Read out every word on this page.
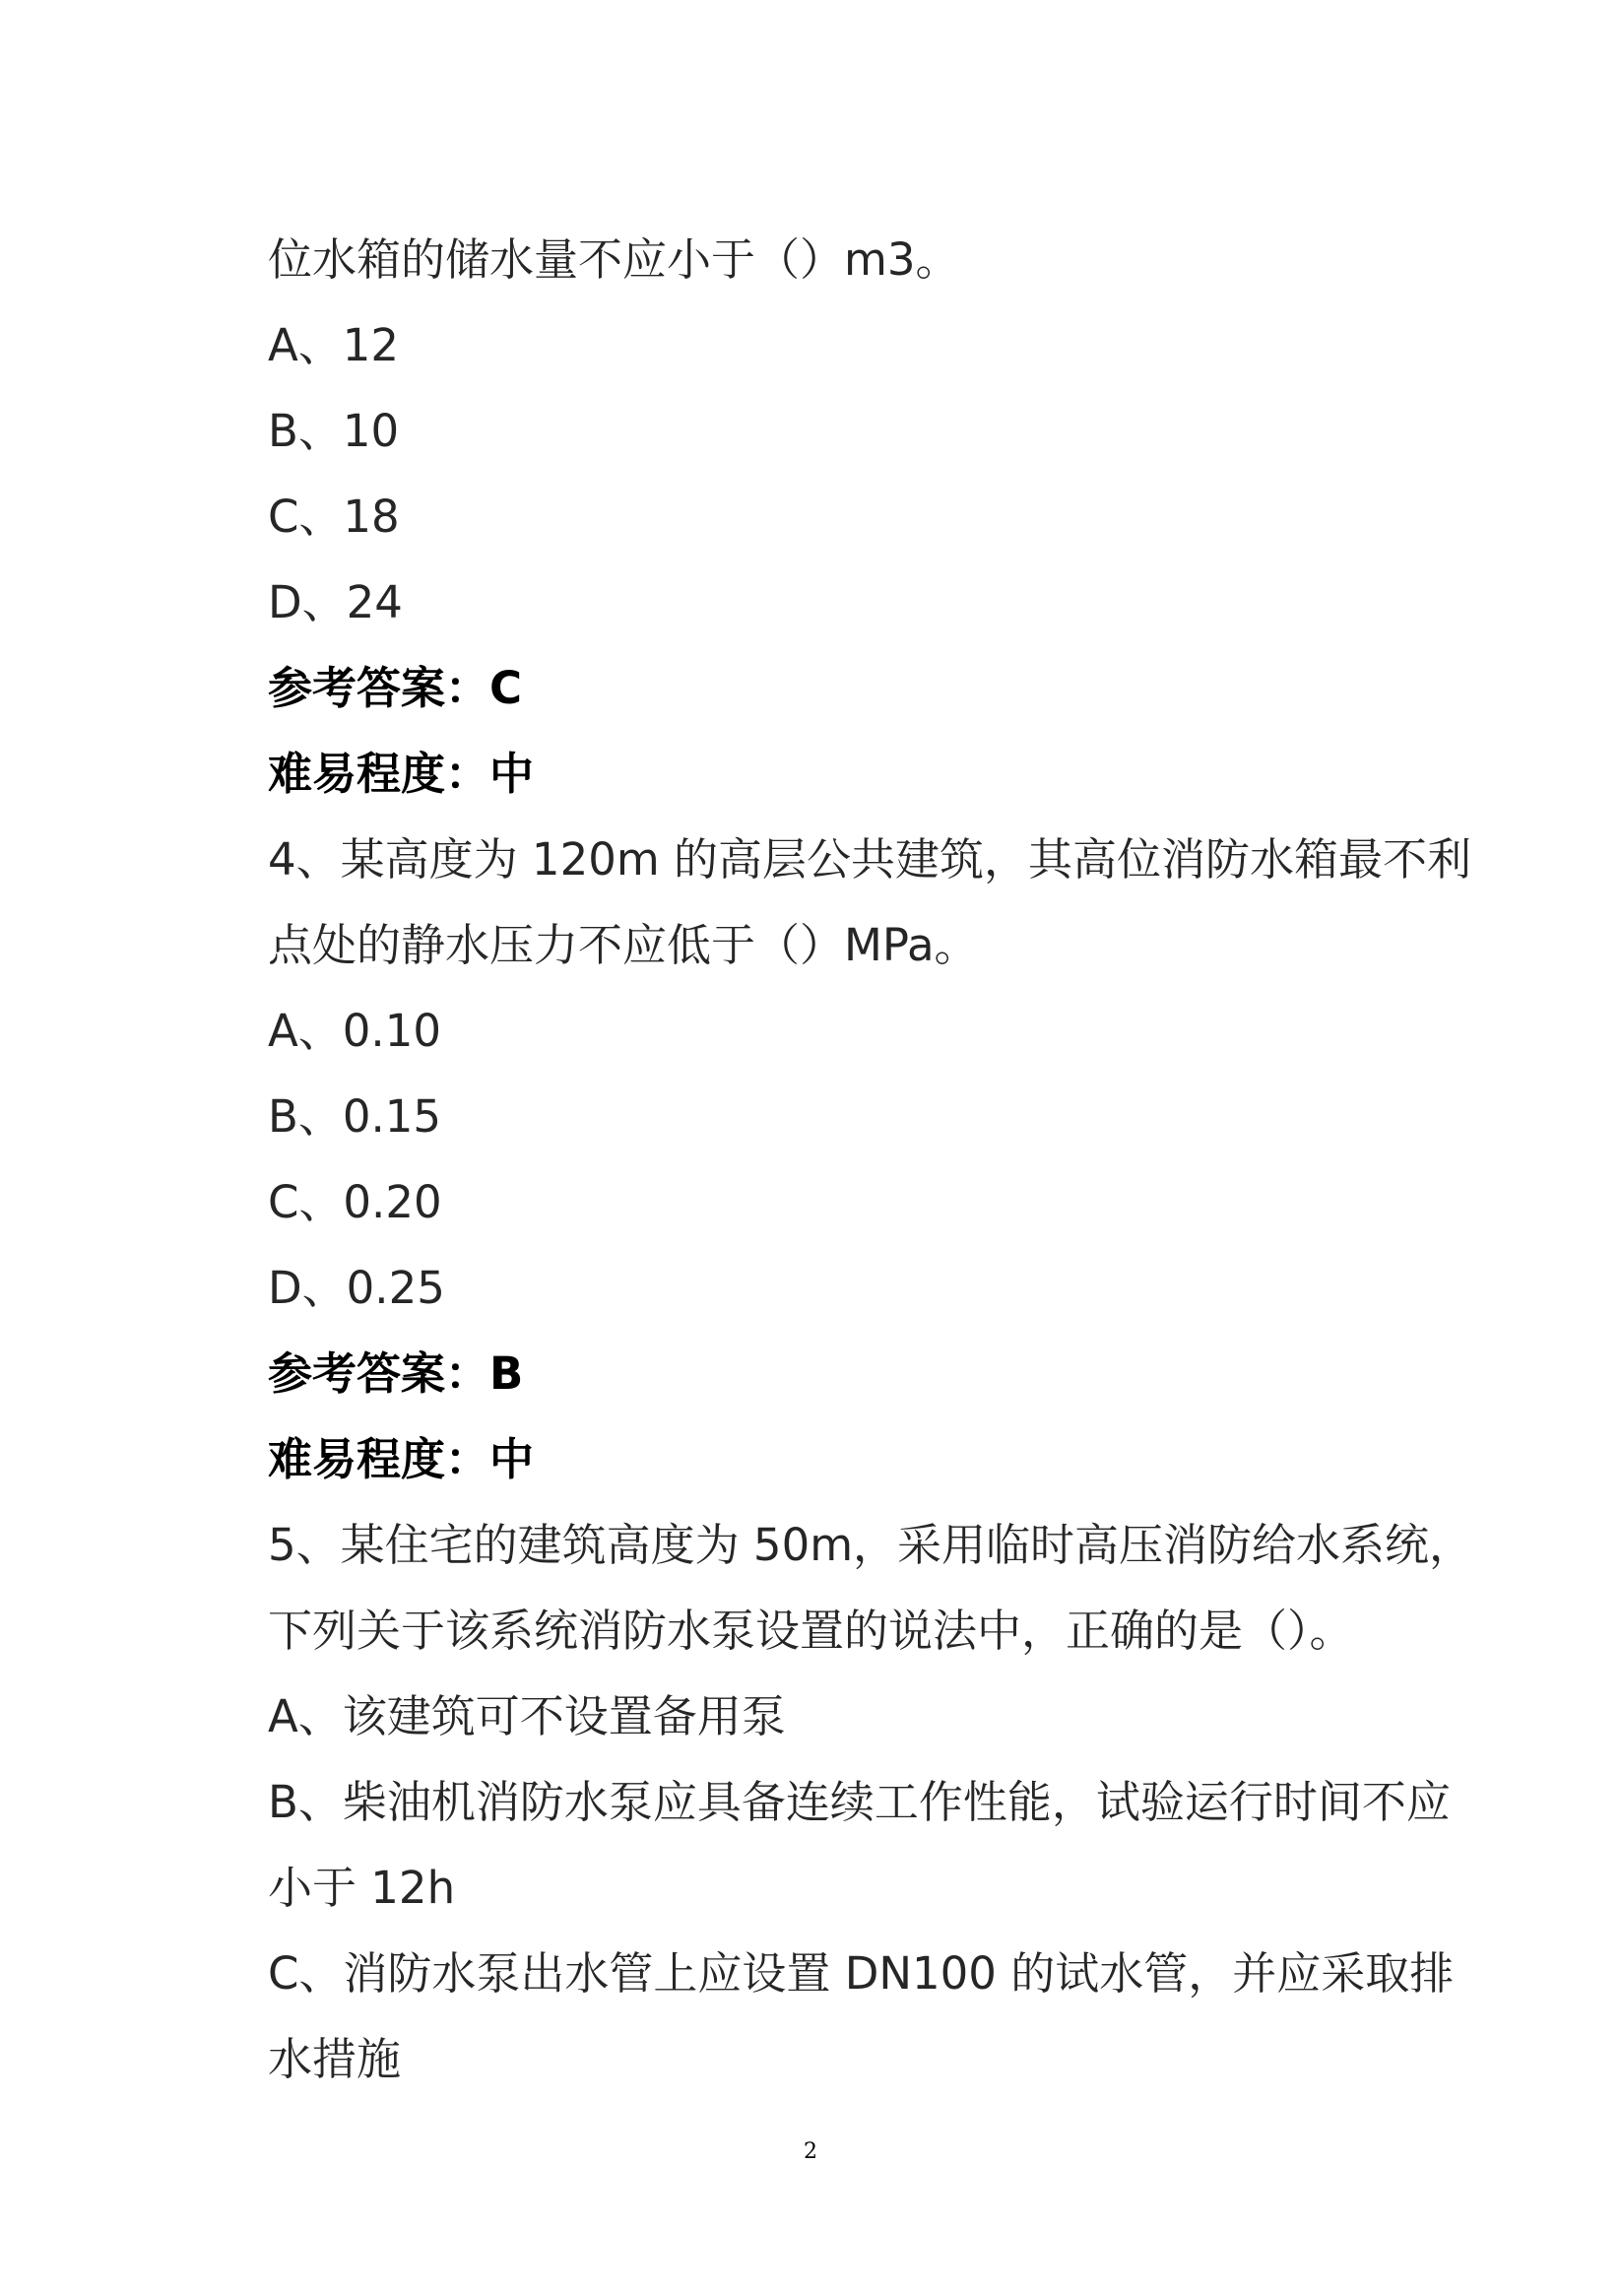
位水箱的储水量不应小于（）m3。
A、12
B、10
C、18
D、24
参考答案：C
难易程度：中
4、某高度为 120m 的高层公共建筑，其高位消防水箱最不利
点处的静水压力不应低于（）MPa。
A、0.10
B、0.15
C、0.20
D、0.25
参考答案：B
难易程度：中
5、某住宅的建筑高度为 50m，采用临时高压消防给水系统，
下列关于该系统消防水泵设置的说法中，正确的是（）。
A、该建筑可不设置备用泵
B、柴油机消防水泵应具备连续工作性能，试验运行时间不应
小于 12h
C、消防水泵出水管上应设置 DN100 的试水管，并应采取排
水措施
2
